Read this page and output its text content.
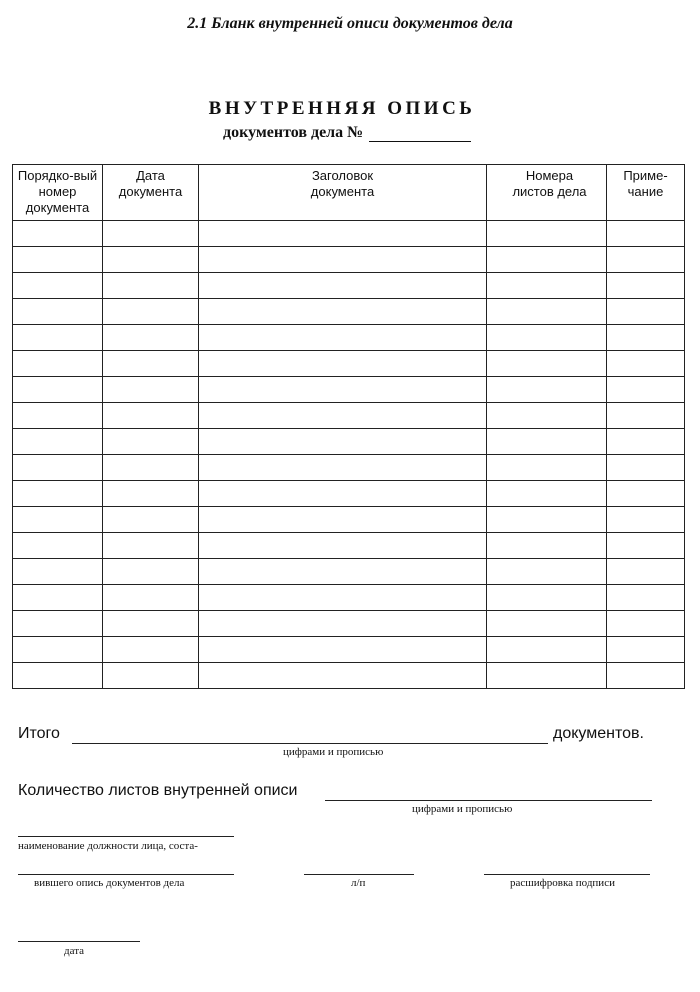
2.1 Бланк внутренней описи документов дела
ВНУТРЕННЯЯ ОПИСЬ
документов дела №
Порядко-вый номер документа	Дата документа	Заголовок документа	Номера листов дела	Приме-чание

Итого	документов.
цифрами и прописью
Количество листов внутренней описи
цифрами и прописью
наименование должности лица, соста-
вившего опись документов дела	л/п	расшифровка подписи
дата
